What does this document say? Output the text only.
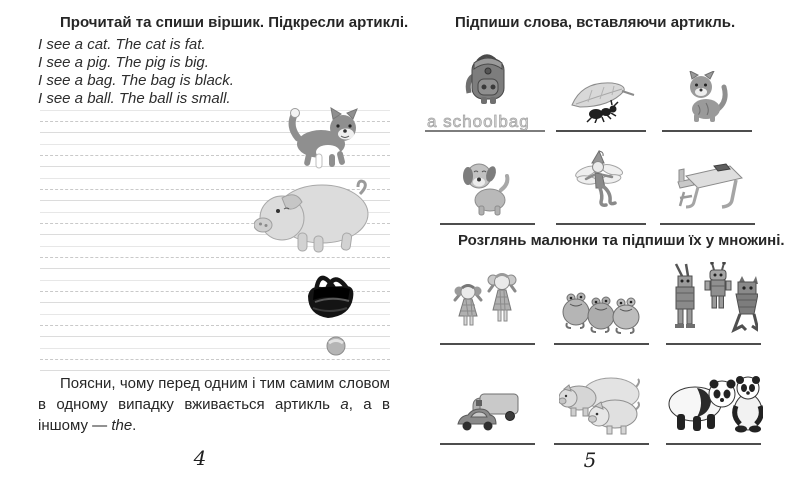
Прочитай та спиши віршик. Підкресли артиклі.
I see a cat. The cat is fat.
I see a pig. The pig is big.
I see a bag. The bag is black.
I see a ball. The ball is small.
Поясни, чому перед одним і тим самим словом в одному випадку вживається артикль a, а в іншому — the.
4
Підпиши слова, вставляючи артикль.
a schoolbag
Розглянь малюнки та підпиши їх у множині.
5
